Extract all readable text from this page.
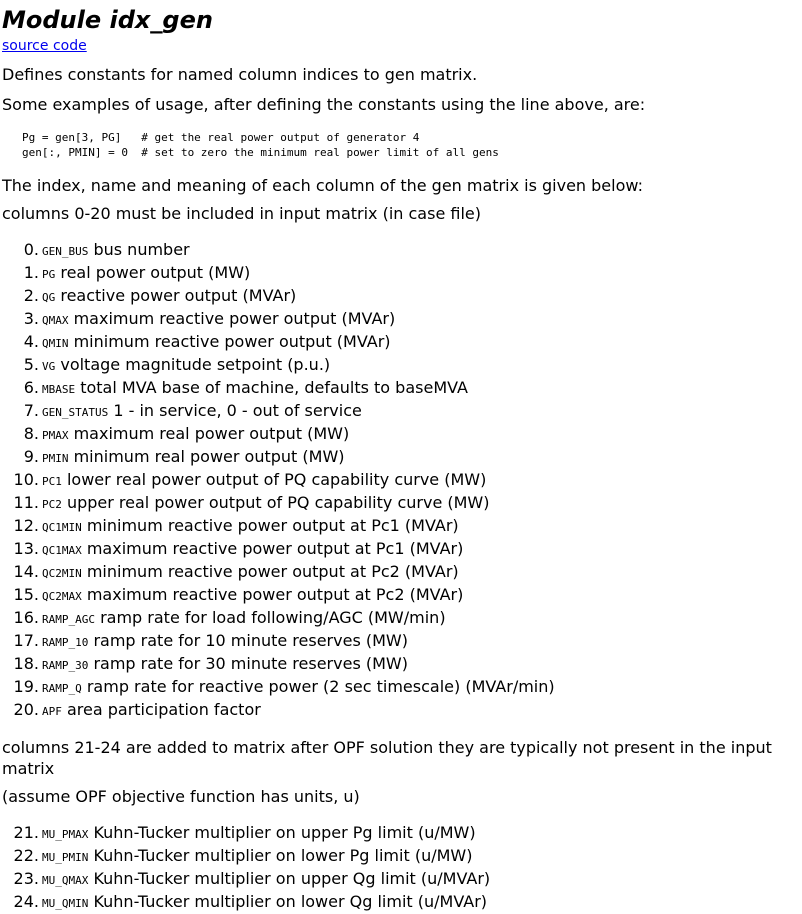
Module idx_gen
source code

Defines constants for named column indices to gen matrix.

Some examples of usage, after defining the constants using the line above, are:

Pg = gen[3, PG]   # get the real power output of generator 4
gen[:, PMIN] = 0  # set to zero the minimum real power limit of all gens

The index, name and meaning of each column of the gen matrix is given below:

columns 0-20 must be included in input matrix (in case file)

0. GEN_BUS bus number
1. PG real power output (MW)
2. QG reactive power output (MVAr)
3. QMAX maximum reactive power output (MVAr)
4. QMIN minimum reactive power output (MVAr)
5. VG voltage magnitude setpoint (p.u.)
6. MBASE total MVA base of machine, defaults to baseMVA
7. GEN_STATUS 1 - in service, 0 - out of service
8. PMAX maximum real power output (MW)
9. PMIN minimum real power output (MW)
10. PC1 lower real power output of PQ capability curve (MW)
11. PC2 upper real power output of PQ capability curve (MW)
12. QC1MIN minimum reactive power output at Pc1 (MVAr)
13. QC1MAX maximum reactive power output at Pc1 (MVAr)
14. QC2MIN minimum reactive power output at Pc2 (MVAr)
15. QC2MAX maximum reactive power output at Pc2 (MVAr)
16. RAMP_AGC ramp rate for load following/AGC (MW/min)
17. RAMP_10 ramp rate for 10 minute reserves (MW)
18. RAMP_30 ramp rate for 30 minute reserves (MW)
19. RAMP_Q ramp rate for reactive power (2 sec timescale) (MVAr/min)
20. APF area participation factor

columns 21-24 are added to matrix after OPF solution they are typically not present in the input matrix

(assume OPF objective function has units, u)

21. MU_PMAX Kuhn-Tucker multiplier on upper Pg limit (u/MW)
22. MU_PMIN Kuhn-Tucker multiplier on lower Pg limit (u/MW)
23. MU_QMAX Kuhn-Tucker multiplier on upper Qg limit (u/MVAr)
24. MU_QMIN Kuhn-Tucker multiplier on lower Qg limit (u/MVAr)
